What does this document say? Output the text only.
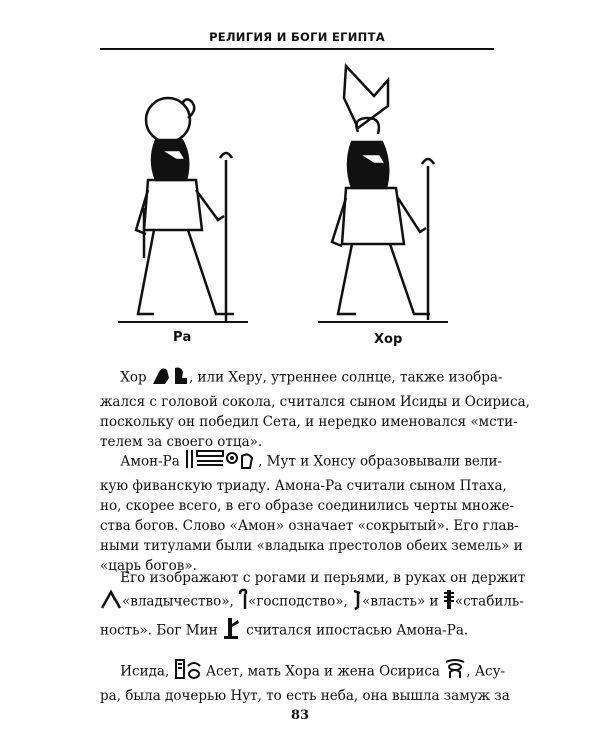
РЕЛИГИЯ И БОГИ ЕГИПТА
Ра	Хор
  Хор	, или Херу, утреннее солнце, также изобра-
жался с головой сокола, считался сыном Исиды и Осириса,
поскольку он победил Сета, и нередко именовался «мсти-
телем за своего отца».
  Амон-Ра	, Мут и Хонсу образовывали вели-
кую фиванскую триаду. Амона-Ра считали сыном Птаха,
но, скорее всего, в его образе соединились черты множе-
ства богов. Слово «Амон» означает «сокрытый». Его глав-
ными титулами были «владыка престолов обеих земель» и
«царь богов».
  Его изображают с рогами и перьями, в руках он держит
«владычество», «господство», «власть» и «стабиль-
ность». Бог Мин считался ипостасью Амона-Ра.
  Исида,	Асет, мать Хора и жена Осириса , Асу-
ра, была дочерью Нут, то есть неба, она вышла замуж за
83
